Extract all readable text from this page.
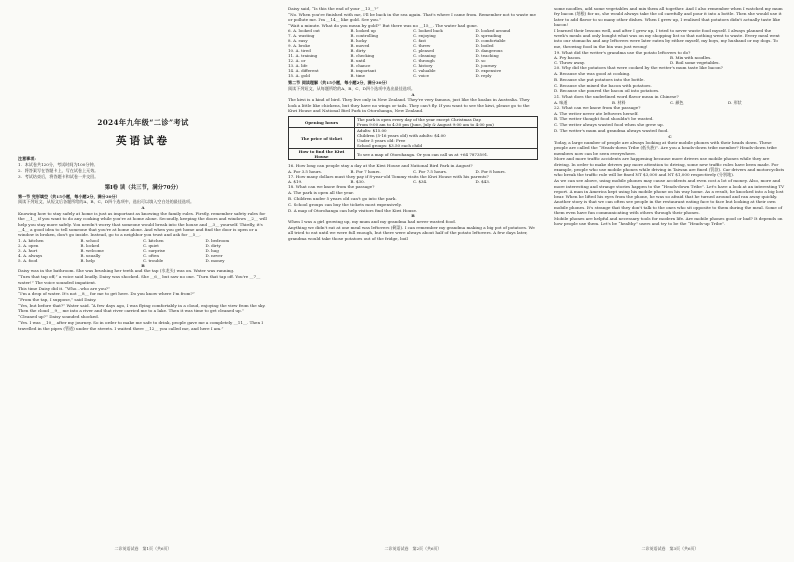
2024年九年级“二诊”考试
英语试卷
注意事项:
1．本试卷共120分，考试时间为100分钟。
2．将答案写在答题卡上，写在试卷上无效。
3．考试结束后，将答题卡和试卷一并交回。
第Ⅰ卷 读（共三节，满分70分）
第一节 完形填空（共15小题，每小题2分，满分30分）
阅读下列短文，从短文后各题所给的A、B、C、D四个选项中，选出可以填入空白处的最佳选项。
A
Knowing how to stay safely at home is just as important as knowing the family rules. Firstly, remember safety rules for the __1__ if you want to do any cooking while you're at home alone. Secondly, keeping the doors and windows __2__ will help you stay more safely. You needn't worry that someone would break into the house and __3__ yourself. Thirdly, it's __4__ a good idea to tell someone that you're at home alone. And when you get home and find the door is open or a window is broken, don't go inside. Instead, go to a neighbor you trust and ask for __5__.
1. A. kitchen	B. school	C. kitchen	D. bedroom
2. A. open	B. locked	C. quiet	D. dirty
3. A. hurt	B. welcome	C. surprise	D. hug
4. A. always	B. usually	C. often	D. never
5. A. food	B. help	C. trouble	D. money
B
Daisy was in the bathroom. She was brushing her teeth and the tap (水龙头) was on. Water was running.
“Turn that tap off,” a voice said loudly. Daisy was shocked. She __6__ but saw no one. “Turn that tap off. You're __7__ water!” The voice sounded impatient.
This time Daisy did it. “Who…who are you?”
“I'm a drop of water. It's not __8__ for me to get here. Do you know where I'm from?”
“From the tap, I suppose,” said Daisy.
“Yes, but before that?” Water said. “A few days ago, I was flying comfortably in a cloud, enjoying the view from the sky. Then the cloud __9__ me into a river and that river carried me to a lake. Then it was time to get cleaned up.”
“Cleaned up?” Daisy sounded shocked.
“Yes. I was __10__ after my journey. So in order to make me safe to drink, people gave me a completely __11__. Then I travelled in the pipes (管道) under the streets. I waited there __12__ you called me, and here I am.”
二诊英语试卷　第1页（共6页）
Daisy said, “Is this the end of your __13__?”
“No. When you're finished with me, I'll be back in the sea again. That's where I came from. Remember not to waste me or pollute me. I'm __14__ like gold. See you.”
“Wait a minute. What do you mean by gold?” But there was no __15__. The water had gone.
6. A. looked out	B. looked up	C. looked back	D. looked around
7. A. wasting	B. controlling	C. enjoying	D. spreading
8. A. easy	B. lucky	C. fast	D. comfortable
9. A. broke	B. moved	C. threw	D. boiled
10. A. tired	B. dirty	C. pleased	D. dangerous
11. A. training	B. checking	C. cleaning	D. teaching
12. A. or	B. until	C. through	D. so
13. A. life	B. chance	C. history	D. journey
14. A. different	B. important	C. valuable	D. expensive
15. A. gold	B. time	C. voice	D. reply
第二节 阅读理解（共15小题，每小题2分，满分30分）
阅读下列短文，从每题所给的A、B、C、D四个选项中选出最佳选项。
A
The kiwi is a kind of bird. They live only in New Zealand. They're very famous, just like the koalas in Australia. They look a little like chickens, but they have no wings or tails. They can't fly. If you want to see the kiwi, please go to the Kiwi House and National Bird Park in Otorohanga, New Zealand.
Opening hours	The park is open every day of the year except Christmas Day.
From 9:00 am to 4:30 pm (June, July & August 9:00 am to 4:00 pm)

The price of ticket	Adults: $15.00
Children (5-16 years old) with adults: $4.00
Under 5 years old: Free
School groups: $3.50 each child

How to find the Kiwi House	To see a map of Otorohanga. Or you can call us at +64 7873591.
16. How long can people stay a day at the Kiwi House and National Bird Park in August?
A. For 3.5 hours.	B. For 7 hours.	C. For 7.5 hours.	D. For 8 hours.
17. How many dollars must they pay if 8-year-old Tommy visits the Kiwi House with his parents?
A. $19.	B. $30.	C. $34.	D. $43.
18. What can we know from the passage?
A. The park is open all the year.
B. Children under 5 years old can't go into the park.
C. School groups can buy the tickets most expensively.
D. A map of Otorohanga can help visitors find the Kiwi House.
B
When I was a girl growing up, my mum and my grandma had never wasted food.
Anything we didn't eat at one meal was leftovers (剩菜). I can remember my grandma making a big pot of potatoes. We all tried to eat until we were full enough, but there were always about half of the potato leftovers. A few days later, grandma would take those potatoes out of the fridge, boil
二诊英语试卷　第2页（共6页）
some noodles, add some vegetables and mix them all together. And I also remember when I watched my mum fry bacon (培根) for us, she would always take the oil carefully and pour it into a bottle. Then she would use it later to add flavor to so many other dishes. When I grew up, I realised that potatoes didn't actually taste like bacon!
I learned their lessons well, and after I grew up, I tried to never waste food myself. I always planned the week's meals and only bought what was on my shopping list so that nothing went to waste. Every meal went into our stomachs and any leftovers were later eaten by either myself, my boys, my husband or my dogs. To me, throwing food in the bin was just wrong!
19. What did the writer's grandma use the potato leftovers to do?
A. Fry bacon.	B. Mix with noodles.
C. Throw away.	D. Boil some vegetables.
20. Why did the potatoes that were cooked by the writer's mum taste like bacon?
A. Because she was good at cooking.
B. Because she put potatoes into the bottle.
C. Because she mixed the bacon with potatoes.
D. Because she poured the bacon oil into potatoes.
21. What does the underlined word flavor mean in Chinese?
A. 味道	B. 材料	C. 颜色	D. 形状
22. What can we know from the passage?
A. The writer never ate leftovers herself.
B. The writer thought food shouldn't be wasted.
C. The writer always wasted food when she grew up.
D. The writer's mum and grandma always wasted food.
C
Today, a large number of people are always looking at their mobile phones with their heads down. These people are called the “Heads-down Tribe (低头族)”. Are you a heads-down tribe member? Heads-down tribe members now can be seen everywhere.
More and more traffic accidents are happening because more drivers use mobile phones while they are driving. In order to make drivers pay more attention to driving, some new traffic rules have been made. For example, people who use mobile phones while driving in Taiwan are fined (罚款). Car drivers and motorcyclists who break the traffic rule will be fined NT $3,000 and NT $1,000 respectively (分别地).
As we can see above, using mobile phones may cause accidents and even cost a lot of money. Also, more and more interesting and strange stories happen to the “Heads-down Tribe”. Let's have a look at an interesting TV report. A man in America kept using his mobile phone on his way home. As a result, he knocked into a big lost bear. When he lifted his eyes from the phone, he was so afraid that he turned around and ran away quickly. Another story is that we can often see people in the restaurant eating face to face but looking at their own mobile phones. It's strange that they don't talk to the ones who sit opposite to them during the meal. Some of them even have fun communicating with others through their phones.
Mobile phones are helpful and necessary tools for modern life. Are mobile phones good or bad? It depends on how people use them. Let's be “healthy” users and try to be the “Heads-up Tribe”.
二诊英语试卷　第3页（共6页）
